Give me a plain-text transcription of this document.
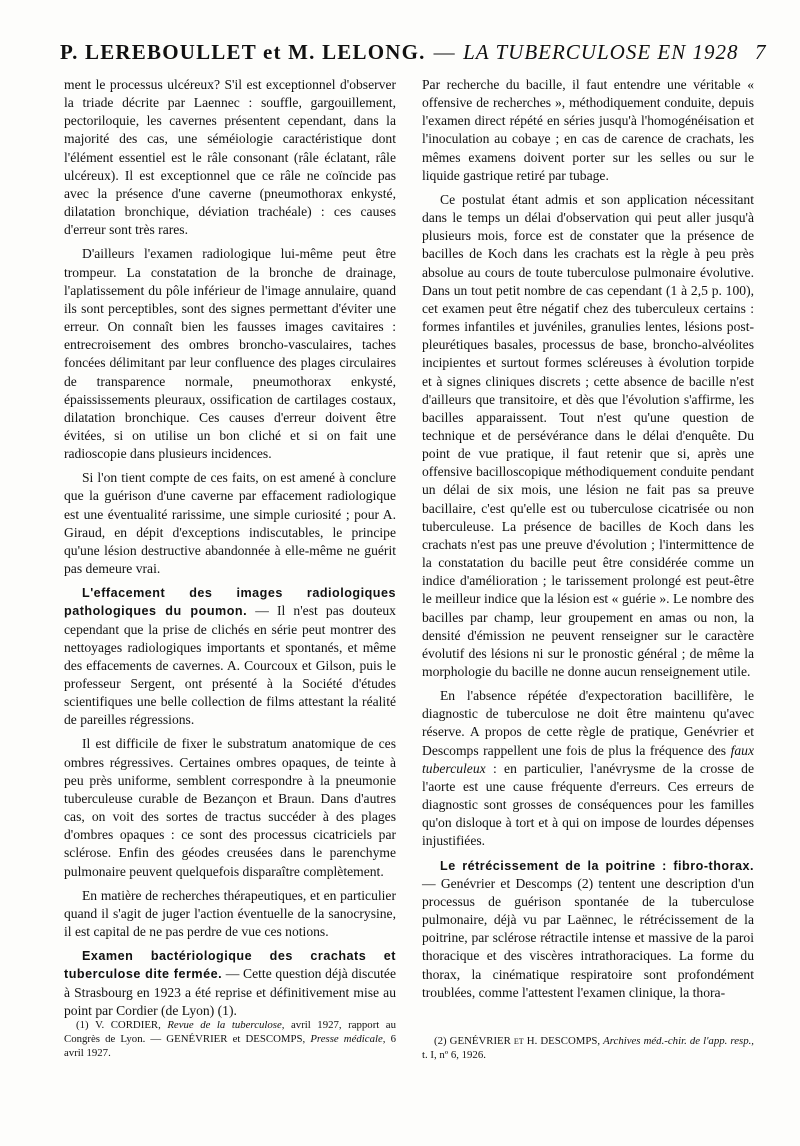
P. LEREBOULLET et M. LELONG. — LA TUBERCULOSE EN 1928 7

ment le processus ulcéreux? S'il est exceptionnel d'observer la triade décrite par Laennec : souffle, gargouillement, pectoriloquie, les cavernes présentent cependant, dans la majorité des cas, une séméiologie caractéristique dont l'élément essentiel est le râle consonant (râle éclatant, râle ulcéreux). Il est exceptionnel que ce râle ne coïncide pas avec la présence d'une caverne (pneumothorax enkysté, dilatation bronchique, déviation trachéale) : ces causes d'erreur sont très rares.

D'ailleurs l'examen radiologique lui-même peut être trompeur. La constatation de la bronche de drainage, l'aplatissement du pôle inférieur de l'image annulaire, quand ils sont perceptibles, sont des signes permettant d'éviter une erreur. On connaît bien les fausses images cavitaires : entrecroisement des ombres broncho-vasculaires, taches foncées délimitant par leur confluence des plages circulaires de transparence normale, pneumothorax enkysté, épaississements pleuraux, ossification de cartilages costaux, dilatation bronchique. Ces causes d'erreur doivent être évitées, si on utilise un bon cliché et si on fait une radioscopie dans plusieurs incidences.

Si l'on tient compte de ces faits, on est amené à conclure que la guérison d'une caverne par effacement radiologique est une éventualité rarissime, une simple curiosité ; pour A. Giraud, en dépit d'exceptions indiscutables, le principe qu'une lésion destructive abandonnée à elle-même ne guérit pas demeure vrai.

L'effacement des images radiologiques pathologiques du poumon. — Il n'est pas douteux cependant que la prise de clichés en série peut montrer des nettoyages radiologiques importants et spontanés, et même des effacements de cavernes. A. Courcoux et Gilson, puis le professeur Sergent, ont présenté à la Société d'études scientifiques une belle collection de films attestant la réalité de pareilles régressions.

Il est difficile de fixer le substratum anatomique de ces ombres régressives. Certaines ombres opaques, de teinte à peu près uniforme, semblent correspondre à la pneumonie tuberculeuse curable de Bezançon et Braun. Dans d'autres cas, on voit des sortes de tractus succéder à des plages d'ombres opaques : ce sont des processus cicatriciels par sclérose. Enfin des géodes creusées dans le parenchyme pulmonaire peuvent quelquefois disparaître complètement.

En matière de recherches thérapeutiques, et en particulier quand il s'agit de juger l'action éventuelle de la sanocrysine, il est capital de ne pas perdre de vue ces notions.

Examen bactériologique des crachats et tuberculose dite fermée. — Cette question déjà discutée à Strasbourg en 1923 a été reprise et définitivement mise au point par Cordier (de Lyon) (1).

(1) V. CORDIER, Revue de la tuberculose, avril 1927, rapport au Congrès de Lyon. — GENÉVRIER et DESCOMPS, Presse médicale, 6 avril 1927.

Par recherche du bacille, il faut entendre une véritable « offensive de recherches », méthodiquement conduite, depuis l'examen direct répété en séries jusqu'à l'homogénéisation et l'inoculation au cobaye ; en cas de carence de crachats, les mêmes examens doivent porter sur les selles ou sur le liquide gastrique retiré par tubage.

Ce postulat étant admis et son application nécessitant dans le temps un délai d'observation qui peut aller jusqu'à plusieurs mois, force est de constater que la présence de bacilles de Koch dans les crachats est la règle à peu près absolue au cours de toute tuberculose pulmonaire évolutive. Dans un tout petit nombre de cas cependant (1 à 2,5 p. 100), cet examen peut être négatif chez des tuberculeux certains : formes infantiles et juvéniles, granulies lentes, lésions post-pleurétiques basales, processus de base, broncho-alvéolites incipientes et surtout formes scléreuses à évolution torpide et à signes cliniques discrets ; cette absence de bacille n'est d'ailleurs que transitoire, et dès que l'évolution s'affirme, les bacilles apparaissent. Tout n'est qu'une question de technique et de persévérance dans le délai d'enquête. Du point de vue pratique, il faut retenir que si, après une offensive bacilloscopique méthodiquement conduite pendant un délai de six mois, une lésion ne fait pas sa preuve bacillaire, c'est qu'elle est ou tuberculose cicatrisée ou non tuberculeuse. La présence de bacilles de Koch dans les crachats n'est pas une preuve d'évolution ; l'intermittence de la constatation du bacille peut être considérée comme un indice d'amélioration ; le tarissement prolongé est peut-être le meilleur indice que la lésion est « guérie ». Le nombre des bacilles par champ, leur groupement en amas ou non, la densité d'émission ne peuvent renseigner sur le caractère évolutif des lésions ni sur le pronostic général ; de même la morphologie du bacille ne donne aucun renseignement utile.

En l'absence répétée d'expectoration bacillifère, le diagnostic de tuberculose ne doit être maintenu qu'avec réserve. A propos de cette règle de pratique, Genévrier et Descomps rappellent une fois de plus la fréquence des faux tuberculeux : en particulier, l'anévrysme de la crosse de l'aorte est une cause fréquente d'erreurs. Ces erreurs de diagnostic sont grosses de conséquences pour les familles qu'on disloque à tort et à qui on impose de lourdes dépenses injustifiées.

Le rétrécissement de la poitrine : fibro-thorax. — Genévrier et Descomps (2) tentent une description d'un processus de guérison spontanée de la tuberculose pulmonaire, déjà vu par Laënnec, le rétrécissement de la poitrine, par sclérose rétractile intense et massive de la paroi thoracique et des viscères intrathoraciques. La forme du thorax, la cinématique respiratoire sont profondément troublées, comme l'attestent l'examen clinique, la thora-

(2) GENÉVRIER et H. DESCOMPS, Archives méd.-chir. de l'app. resp., t. I, nº 6, 1926.
